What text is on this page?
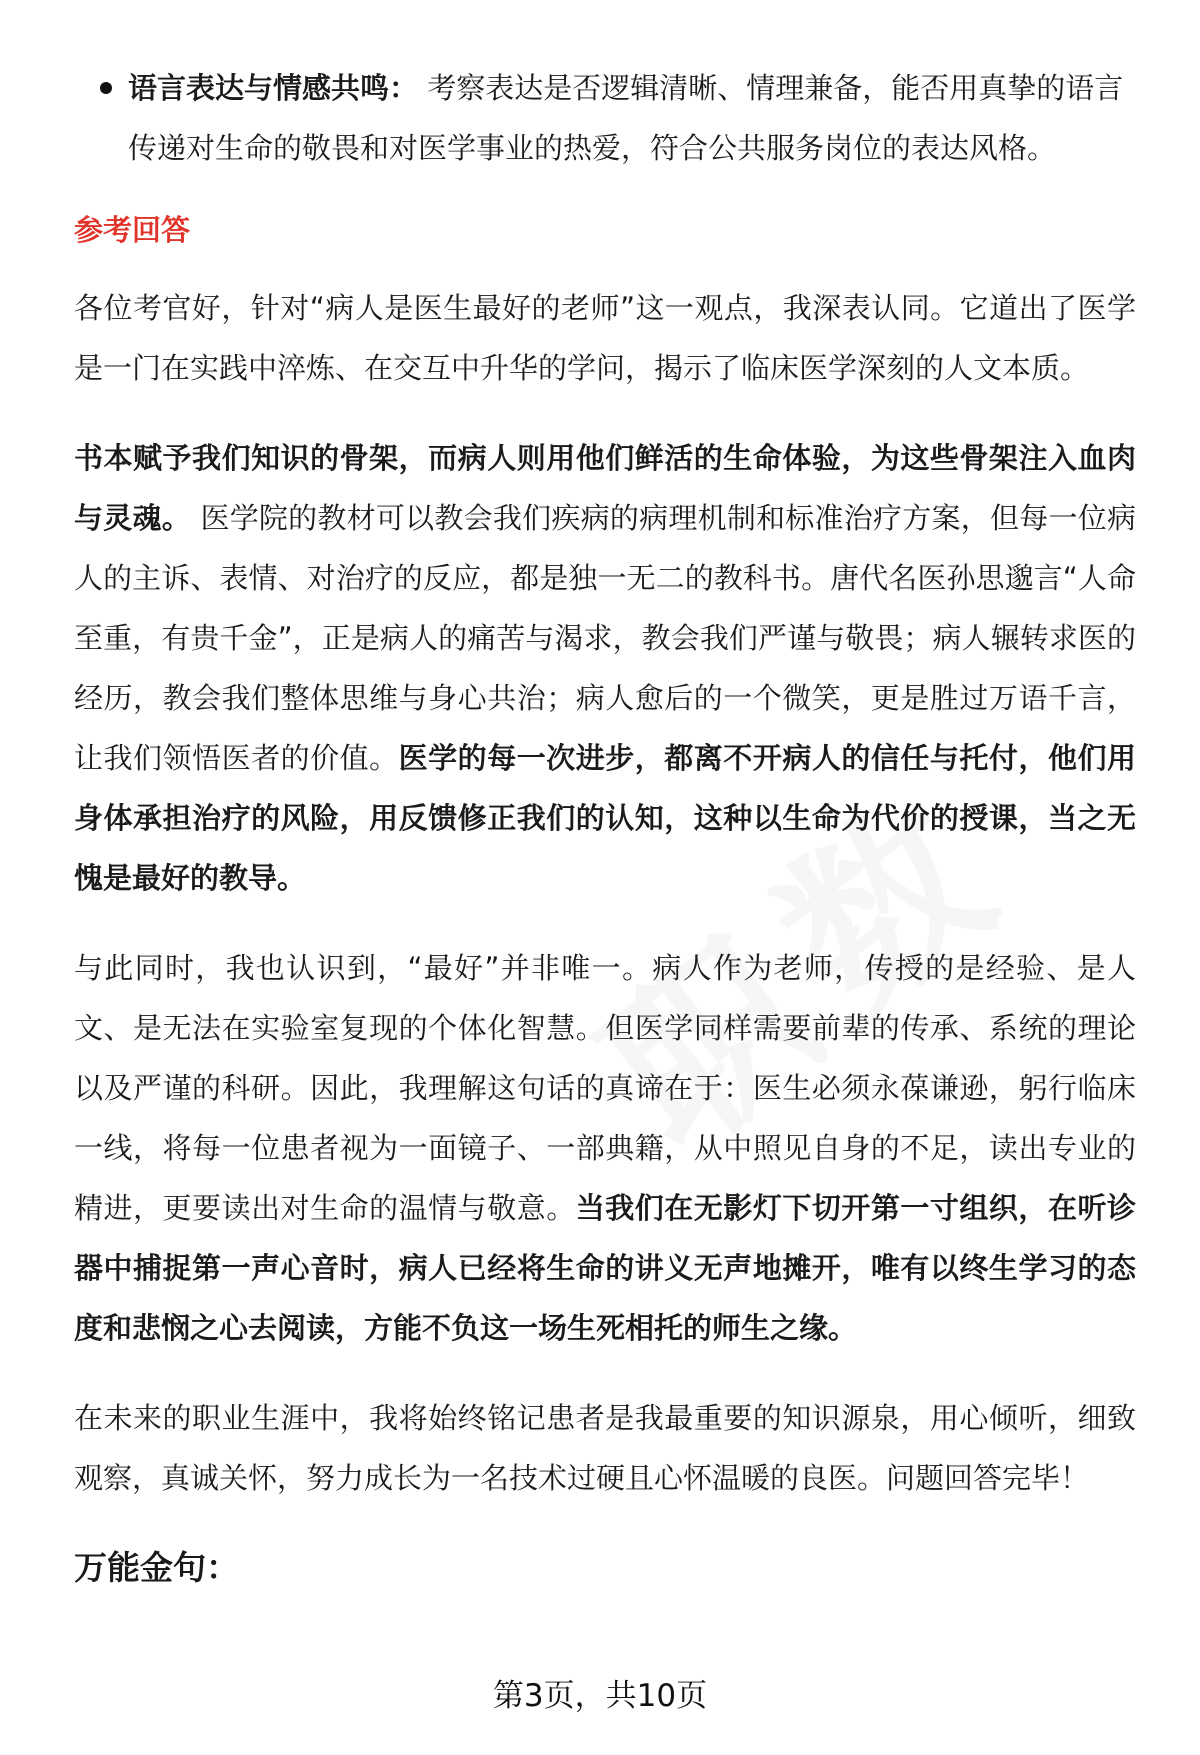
语言表达与情感共鸣： 考察表达是否逻辑清晰、情理兼备，能否用真挚的语言传递对生命的敬畏和对医学事业的热爱，符合公共服务岗位的表达风格。
参考回答

各位考官好，针对“病人是医生最好的老师”这一观点，我深表认同。它道出了医学是一门在实践中淬炼、在交互中升华的学问，揭示了临床医学深刻的人文本质。

书本赋予我们知识的骨架，而病人则用他们鲜活的生命体验，为这些骨架注入血肉与灵魂。 医学院的教材可以教会我们疾病的病理机制和标准治疗方案，但每一位病人的主诉、表情、对治疗的反应，都是独一无二的教科书。唐代名医孙思邈言“人命至重，有贵千金”，正是病人的痛苦与渴求，教会我们严谨与敬畏；病人辗转求医的经历，教会我们整体思维与身心共治；病人愈后的一个微笑，更是胜过万语千言，让我们领悟医者的价值。医学的每一次进步，都离不开病人的信任与托付，他们用身体承担治疗的风险，用反馈修正我们的认知，这种以生命为代价的授课，当之无愧是最好的教导。

与此同时，我也认识到，“最好”并非唯一。病人作为老师，传授的是经验、是人文、是无法在实验室复现的个体化智慧。但医学同样需要前辈的传承、系统的理论以及严谨的科研。因此，我理解这句话的真谛在于：医生必须永葆谦逊，躬行临床一线，将每一位患者视为一面镜子、一部典籍，从中照见自身的不足，读出专业的精进，更要读出对生命的温情与敬意。当我们在无影灯下切开第一寸组织，在听诊器中捕捉第一声心音时，病人已经将生命的讲义无声地摊开，唯有以终生学习的态度和悲悯之心去阅读，方能不负这一场生死相托的师生之缘。

在未来的职业生涯中，我将始终铭记患者是我最重要的知识源泉，用心倾听，细致观察，真诚关怀，努力成长为一名技术过硬且心怀温暖的良医。问题回答完毕！

万能金句：
第3页，共10页
